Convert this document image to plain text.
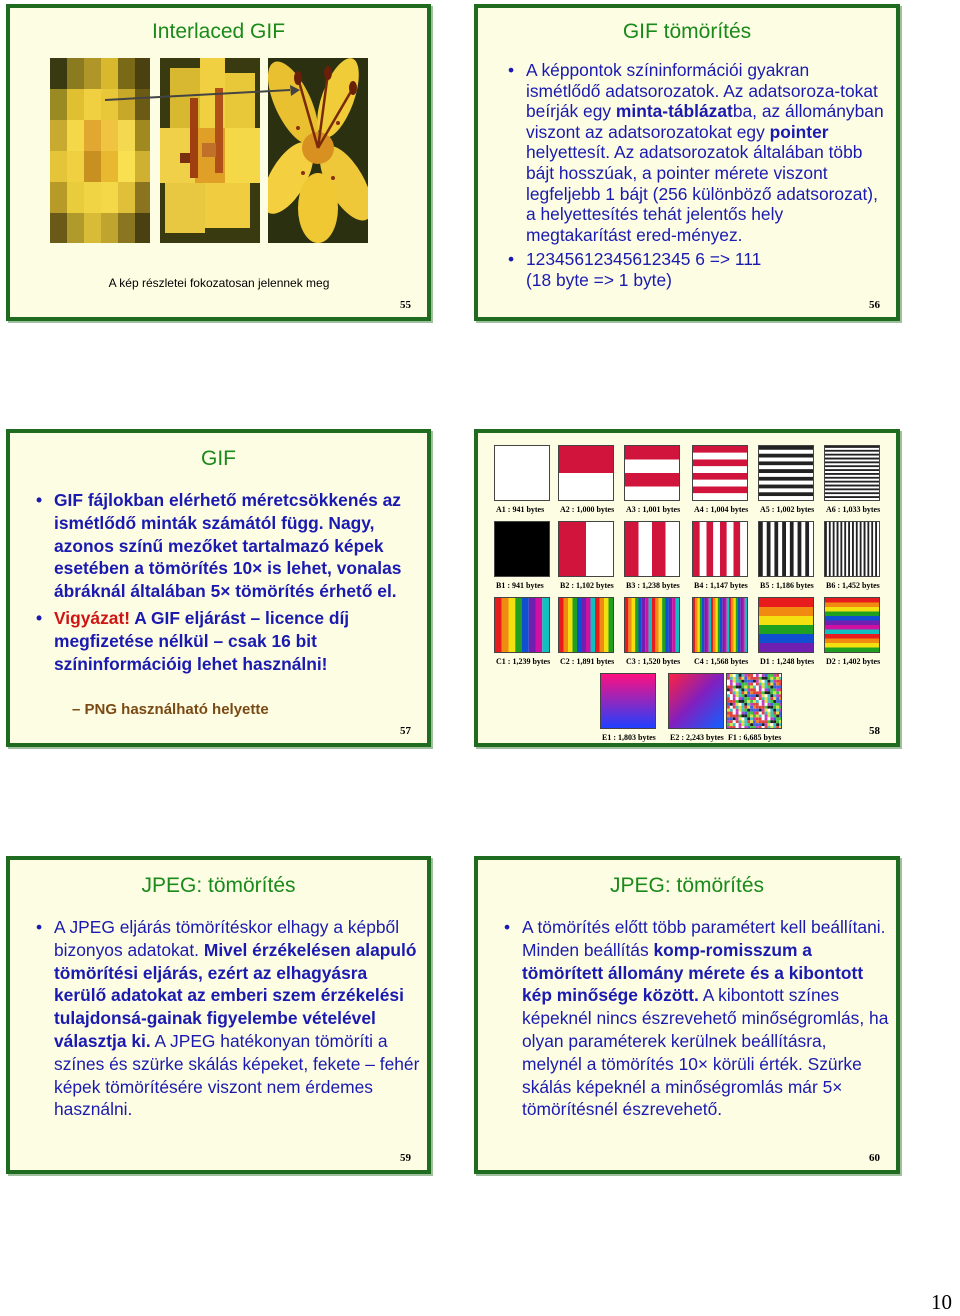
Interlaced GIF
A kép részletei fokozatosan jelennek meg
55
GIF tömörítés
• A képpontok színinformációi gyakran ismétlődő adatsorozatok. Az adatsoroza-tokat beírják egy minta-táblázatba, az állományban viszont az adatsorozatokat egy pointer helyettesít. Az adatsorozatok általában több bájt hosszúak, a pointer mérete viszont legfeljebb 1 bájt (256 különböző adatsorozat), a helyettesítés tehát jelentős hely megtakarítást ered-ményez.
• 12345612345612345 6 => 111
(18 byte => 1 byte)
56
GIF
• GIF fájlokban elérhető méretcsökkenés az ismétlődő minták számától függ. Nagy, azonos színű mezőket tartalmazó képek esetében a tömörítés 10× is lehet, vonalas ábráknál általában 5× tömörítés érhető el.
• Vigyázat! A GIF eljárást – licence díj megfizetése nélkül – csak 16 bit színinformációig lehet használni!
– PNG használható helyette
57
A1 : 941 bytes A2 : 1,000 bytes A3 : 1,001 bytes A4 : 1,004 bytes A5 : 1,002 bytes A6 : 1,033 bytes
B1 : 941 bytes B2 : 1,102 bytes B3 : 1,238 bytes B4 : 1,147 bytes B5 : 1,186 bytes B6 : 1,452 bytes
C1 : 1,239 bytes C2 : 1,891 bytes C3 : 1,520 bytes C4 : 1,568 bytes D1 : 1,248 bytes D2 : 1,402 bytes
E1 : 1,803 bytes E2 : 2,243 bytes F1 : 6,685 bytes
58
JPEG: tömörítés
• A JPEG eljárás tömörítéskor elhagy a képből bizonyos adatokat. Mivel érzékelésen alapuló tömörítési eljárás, ezért az elhagyásra kerülő adatokat az emberi szem érzékelési tulajdonsá-gainak figyelembe vételével választja ki. A JPEG hatékonyan tömöríti a színes és szürke skálás képeket, fekete – fehér képek tömörítésére viszont nem érdemes használni.
59
JPEG: tömörítés
• A tömörítés előtt több paramétert kell beállítani. Minden beállítás komp-romisszum a tömörített állomány mérete és a kibontott kép minősége között. A kibontott színes képeknél nincs észrevehető minőségromlás, ha olyan paraméterek kerülnek beállításra, melynél a tömörítés 10× körüli érték. Szürke skálás képeknél a minőségromlás már 5× tömörítésnél észrevehető.
60
10
